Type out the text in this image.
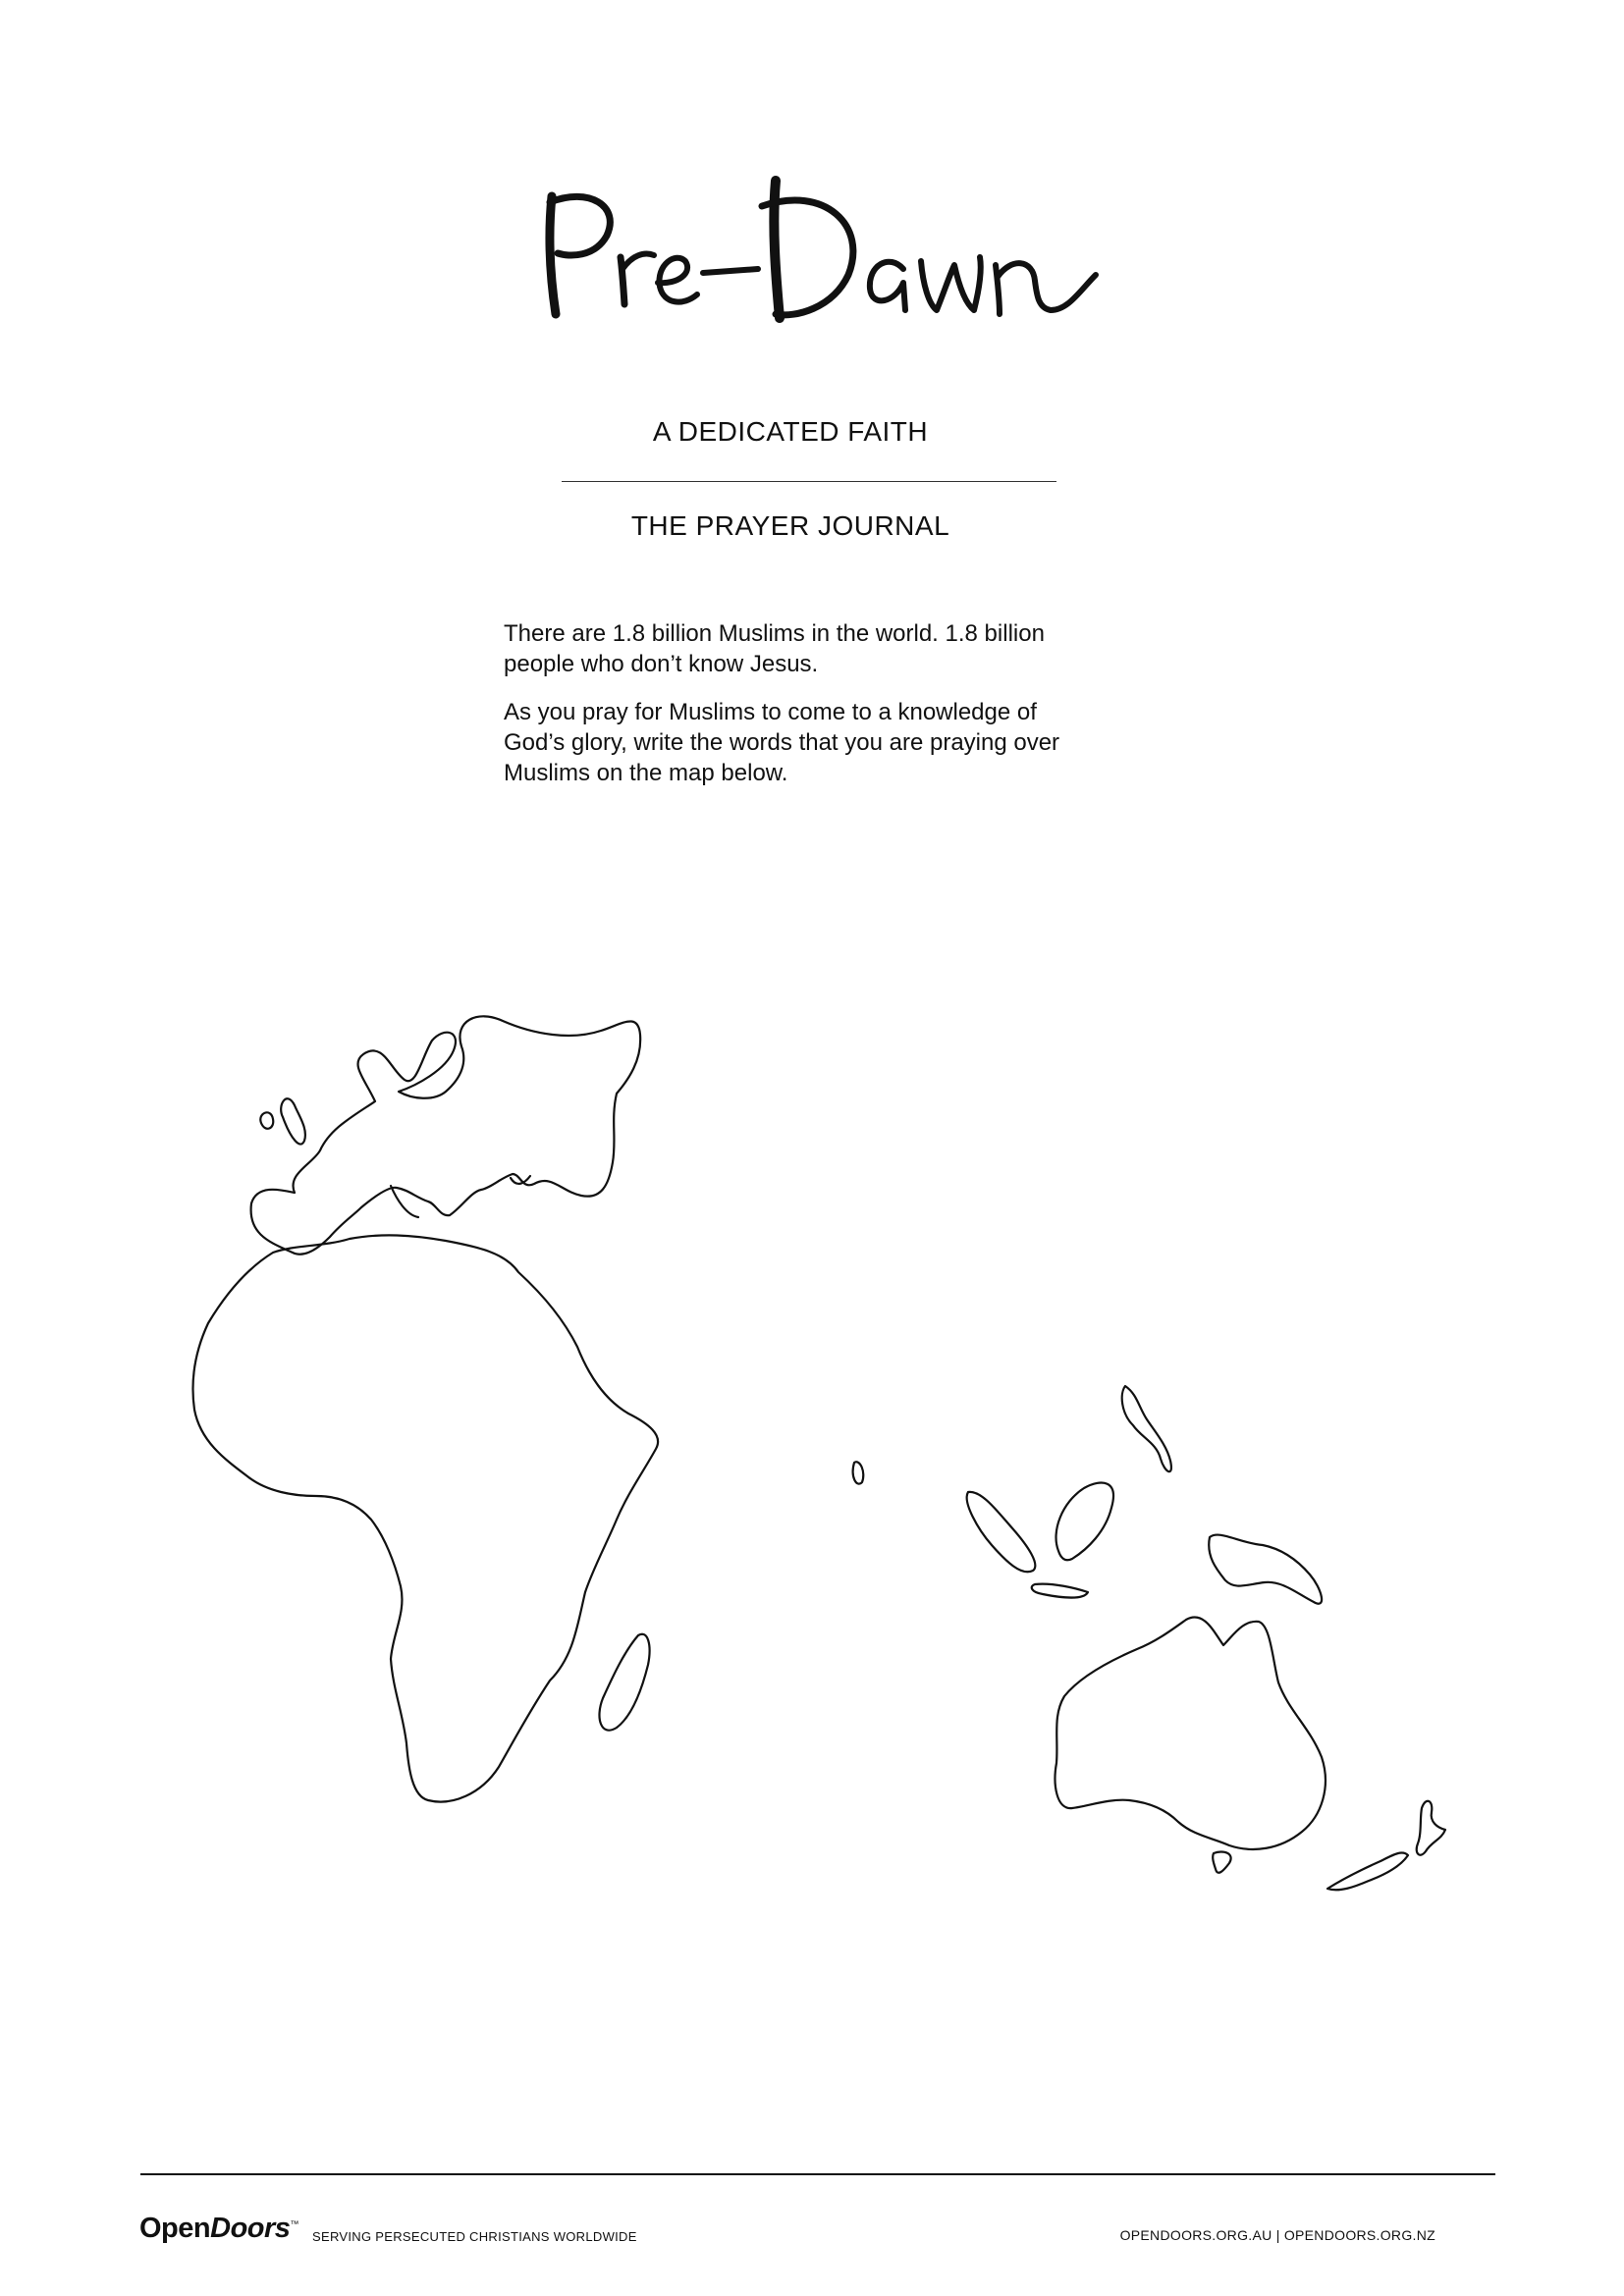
A DEDICATED FAITH
THE PRAYER JOURNAL

There are 1.8 billion Muslims in the world. 1.8 billion people who don’t know Jesus.

As you pray for Muslims to come to a knowledge of God’s glory, write the words that you are praying over Muslims on the map below.

OpenDoors™
SERVING PERSECUTED CHRISTIANS WORLDWIDE	OPENDOORS.ORG.AU | OPENDOORS.ORG.NZ
